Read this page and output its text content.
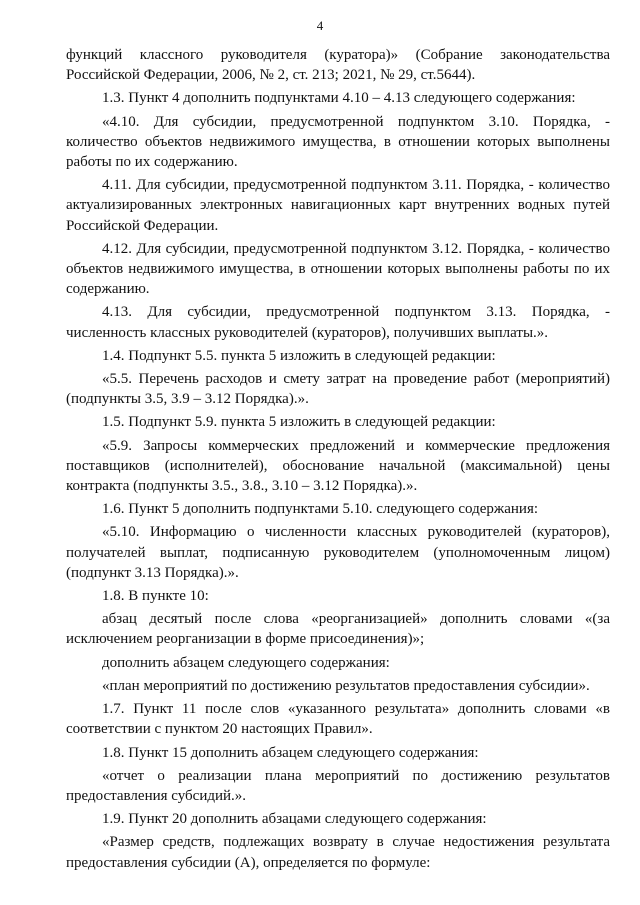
4

функций классного руководителя (куратора)» (Собрание законодательства Российской Федерации, 2006, № 2, ст. 213; 2021, № 29, ст.5644).

1.3. Пункт 4 дополнить подпунктами 4.10 – 4.13 следующего содержания:

«4.10. Для субсидии, предусмотренной подпунктом 3.10. Порядка, - количество объектов недвижимого имущества, в отношении которых выполнены работы по их содержанию.

4.11. Для субсидии, предусмотренной подпунктом 3.11. Порядка, - количество актуализированных электронных навигационных карт внутренних водных путей Российской Федерации.

4.12. Для субсидии, предусмотренной подпунктом 3.12. Порядка, - количество объектов недвижимого имущества, в отношении которых выполнены работы по их содержанию.

4.13. Для субсидии, предусмотренной подпунктом 3.13. Порядка, - численность классных руководителей (кураторов), получивших выплаты.».

1.4. Подпункт 5.5. пункта 5 изложить в следующей редакции:

«5.5. Перечень расходов и смету затрат на проведение работ (мероприятий) (подпункты 3.5, 3.9 – 3.12 Порядка).».

1.5. Подпункт 5.9. пункта 5 изложить в следующей редакции:

«5.9. Запросы коммерческих предложений и коммерческие предложения поставщиков (исполнителей), обоснование начальной (максимальной) цены контракта (подпункты 3.5., 3.8., 3.10 – 3.12 Порядка).».

1.6. Пункт 5 дополнить подпунктами 5.10. следующего содержания:

«5.10. Информацию о численности классных руководителей (кураторов), получателей выплат, подписанную руководителем (уполномоченным лицом) (подпункт 3.13 Порядка).».

1.8. В пункте 10:

абзац десятый после слова «реорганизацией» дополнить словами «(за исключением реорганизации в форме присоединения)»;

дополнить абзацем следующего содержания:

«план мероприятий по достижению результатов предоставления субсидии».

1.7. Пункт 11 после слов «указанного результата» дополнить словами «в соответствии с пунктом 20 настоящих Правил».

1.8. Пункт 15 дополнить абзацем следующего содержания:

«отчет о реализации плана мероприятий по достижению результатов предоставления субсидий.».

1.9. Пункт 20 дополнить абзацами следующего содержания:

«Размер средств, подлежащих возврату в случае недостижения результата предоставления субсидии (A), определяется по формуле:
